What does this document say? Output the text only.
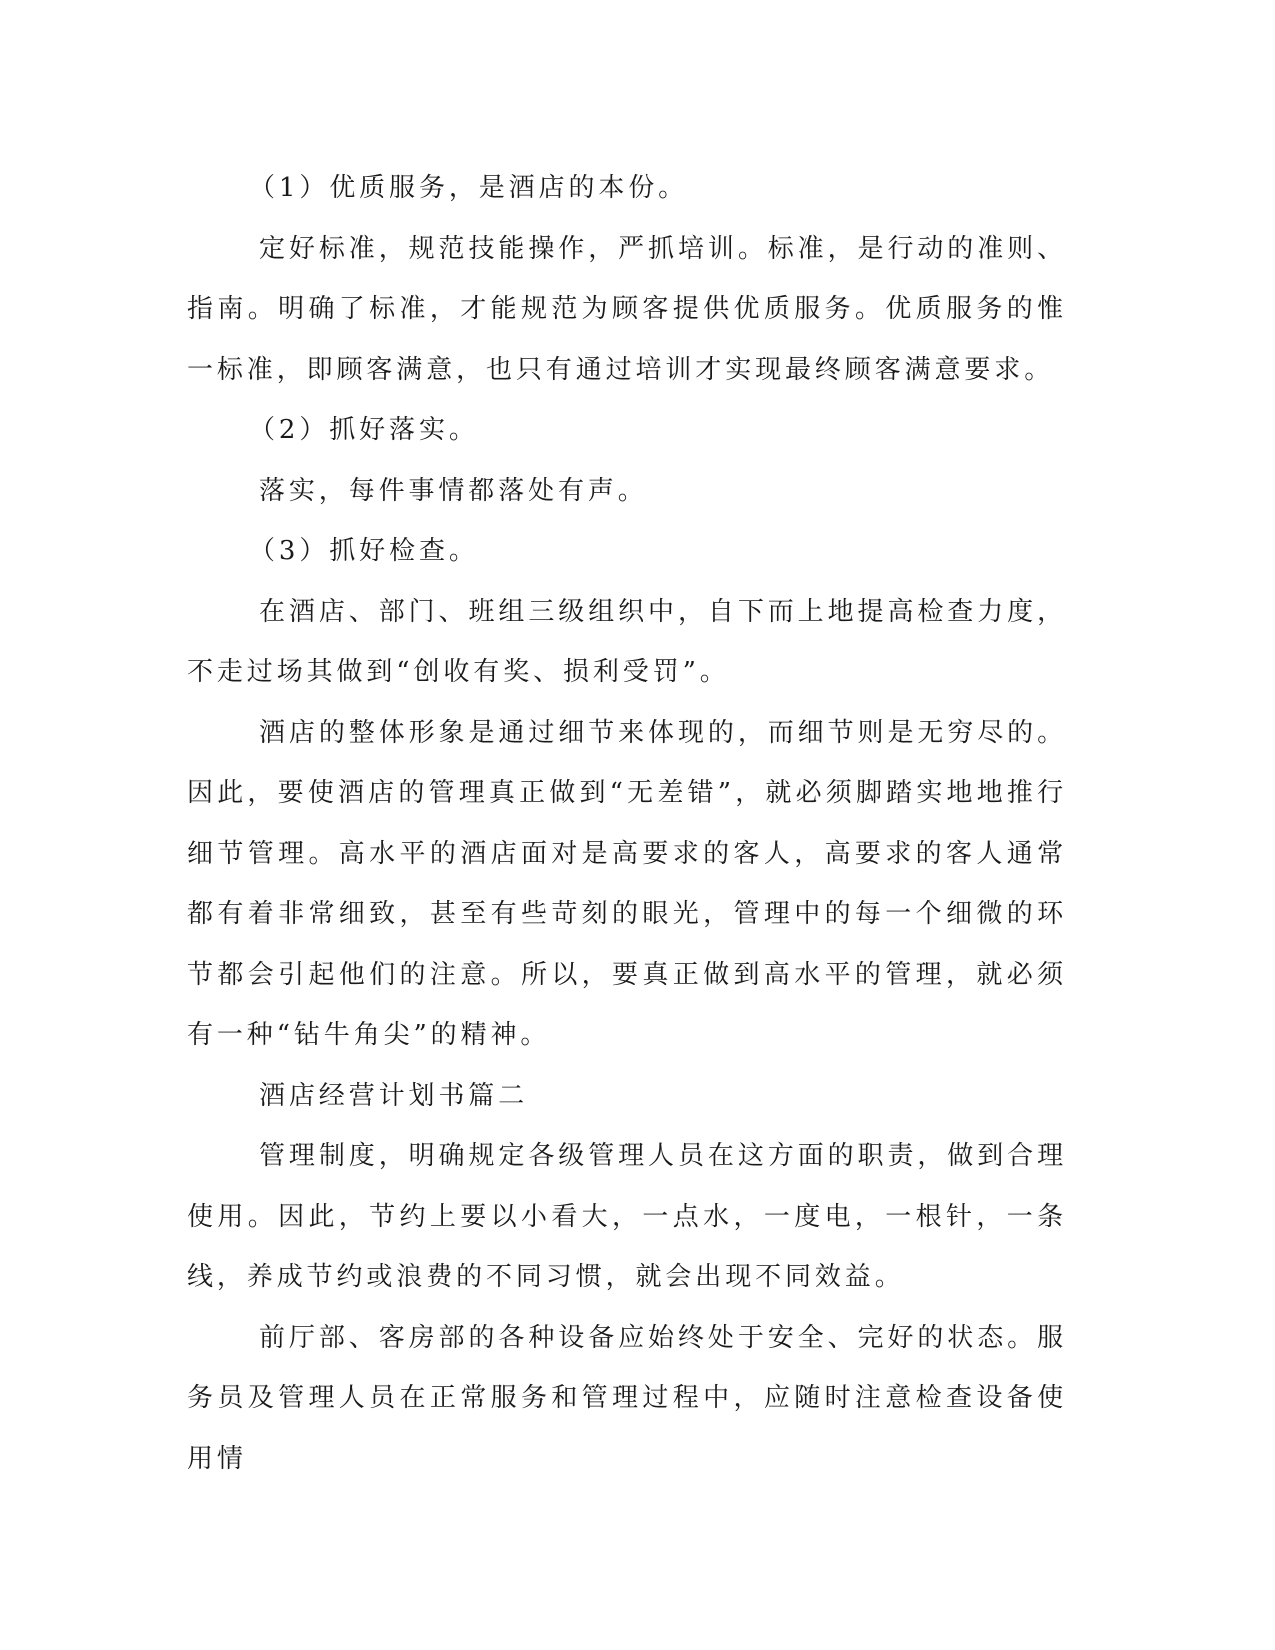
（1）优质服务，是酒店的本份。

定好标准，规范技能操作，严抓培训。标准，是行动的准则、指南。明确了标准，才能规范为顾客提供优质服务。优质服务的惟一标准，即顾客满意，也只有通过培训才实现最终顾客满意要求。

（2）抓好落实。

落实，每件事情都落处有声。

（3）抓好检查。

在酒店、部门、班组三级组织中，自下而上地提高检查力度，不走过场其做到“创收有奖、损利受罚”。

酒店的整体形象是通过细节来体现的，而细节则是无穷尽的。因此，要使酒店的管理真正做到“无差错”，就必须脚踏实地地推行细节管理。高水平的酒店面对是高要求的客人，高要求的客人通常都有着非常细致，甚至有些苛刻的眼光，管理中的每一个细微的环节都会引起他们的注意。所以，要真正做到高水平的管理，就必须有一种“钻牛角尖”的精神。

酒店经营计划书篇二

管理制度，明确规定各级管理人员在这方面的职责，做到合理使用。因此，节约上要以小看大，一点水，一度电，一根针，一条线，养成节约或浪费的不同习惯，就会出现不同效益。

前厅部、客房部的各种设备应始终处于安全、完好的状态。服务员及管理人员在正常服务和管理过程中，应随时注意检查设备使用情
